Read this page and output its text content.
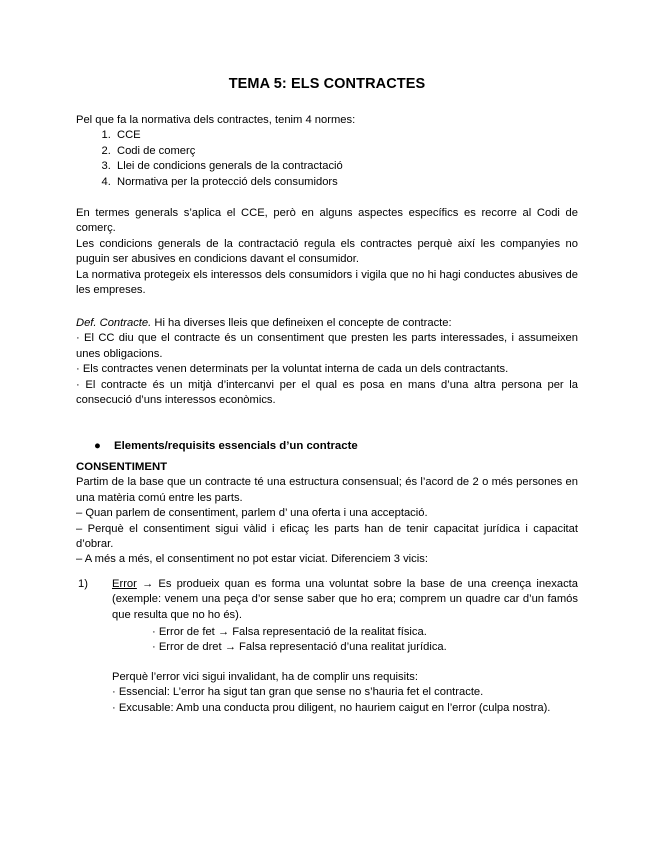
TEMA 5: ELS CONTRACTES
Pel que fa la normativa dels contractes, tenim 4 normes:
1. CCE
2. Codi de comerç
3. Llei de condicions generals de la contractació
4. Normativa per la protecció dels consumidors
En termes generals s’aplica el CCE, però en alguns aspectes específics es recorre al Codi de comerç.
Les condicions generals de la contractació regula els contractes perquè així les companyies no puguin ser abusives en condicions davant el consumidor.
La normativa protegeix els interessos dels consumidors i vigila que no hi hagi conductes abusives de les empreses.
Def. Contracte. Hi ha diverses lleis que defineixen el concepte de contracte:
· El CC diu que el contracte és un consentiment que presten les parts interessades, i assumeixen unes obligacions.
· Els contractes venen determinats per la voluntat interna de cada un dels contractants.
· El contracte és un mitjà d’intercanvi per el qual es posa en mans d’una altra persona per la consecució d’uns interessos econòmics.
● Elements/requisits essencials d’un contracte
CONSENTIMENT
Partim de la base que un contracte té una estructura consensual; és l’acord de 2 o més persones en una matèria comú entre les parts.
– Quan parlem de consentiment, parlem d’ una oferta i una acceptació.
– Perquè el consentiment sigui vàlid i eficaç les parts han de tenir capacitat jurídica i capacitat d’obrar.
– A més a més, el consentiment no pot estar viciat. Diferenciem 3 vicis:
1) Error → Es produeix quan es forma una voluntat sobre la base de una creença inexacta (exemple: venem una peça d’or sense saber que ho era; comprem un quadre car d’un famós que resulta que no ho és).
· Error de fet → Falsa representació de la realitat física.
· Error de dret → Falsa representació d’una realitat jurídica.
Perquè l’error vici sigui invalidant, ha de complir uns requisits:
· Essencial: L’error ha sigut tan gran que sense no s’hauria fet el contracte.
· Excusable: Amb una conducta prou diligent, no hauriem caigut en l’error (culpa nostra).
